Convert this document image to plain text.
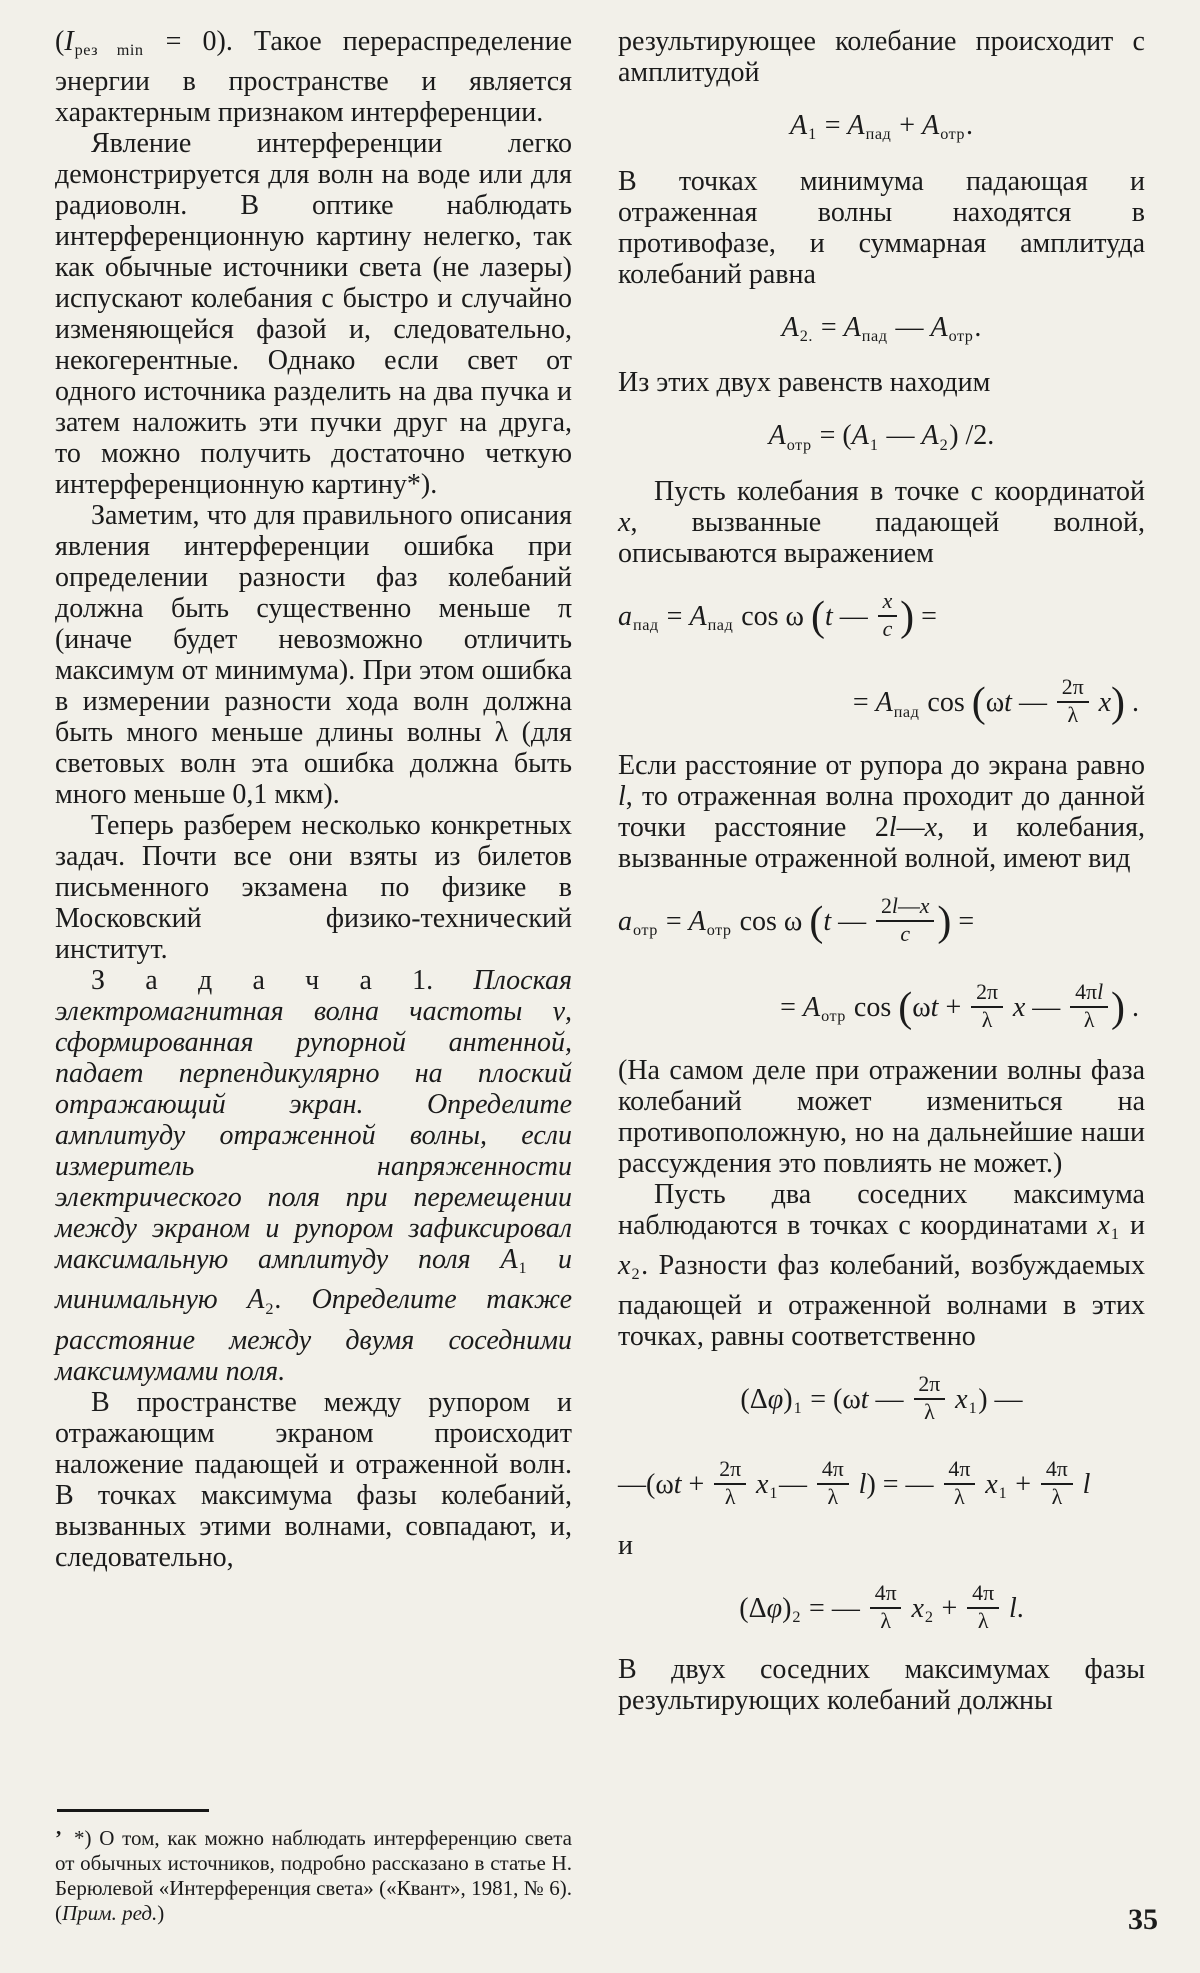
$(I_{рез min} = 0)$. Такое перераспределение энергии в пространстве и является характерным признаком интерференции.

Явление интерференции легко демонстрируется для волн на воде или для радиоволн. В оптике наблюдать интерференционную картину нелегко, так как обычные источники света (не лазеры) испускают колебания с быстро и случайно изменяющейся фазой и, следовательно, некогерентные. Однако если свет от одного источника разделить на два пучка и затем наложить эти пучки друг на друга, то можно получить достаточно четкую интерференционную картину*).

Заметим, что для правильного описания явления интерференции ошибка при определении разности фаз колебаний должна быть существенно меньше π (иначе будет невозможно отличить максимум от минимума). При этом ошибка в измерении разности хода волн должна быть много меньше длины волны λ (для световых волн эта ошибка должна быть много меньше 0,1 мкм).

Теперь разберем несколько конкретных задач. Почти все они взяты из билетов письменного экзамена по физике в Московский физико-технический институт.

З а д а ч а 1. Плоская электромагнитная волна частоты ν, сформированная рупорной антенной, падает перпендикулярно на плоский отражающий экран. Определите амплитуду отраженной волны, если измеритель напряженности электрического поля при перемещении между экраном и рупором зафиксировал максимальную амплитуду поля $A_1$ и минимальную $A_2$. Определите также расстояние между двумя соседними максимумами поля.

В пространстве между рупором и отражающим экраном происходит наложение падающей и отраженной волн. В точках максимума фазы колебаний, вызванных этими волнами, совпадают, и, следовательно,

’ *) О том, как можно наблюдать интерференцию света от обычных источников, подробно рассказано в статье Н. Берюлевой «Интерференция света» («Квант», 1981, № 6). (Прим. ред.)

результирующее колебание происходит с амплитудой

$A_1 = A_{пад} + A_{отр}$.

В точках минимума падающая и отраженная волны находятся в противофазе, и суммарная амплитуда колебаний равна

$A_{2.} = A_{пад}$ — $A_{отр}$.

Из этих двух равенств находим

$A_{отр} = (A_1$ — $A_2$) /2.

Пусть колебания в точке с координатой x, вызванные падающей волной, описываются выражением

$a_{пад} = A_{пад}$ cos ω (t — $\frac{x}{c}$ ) =
= $A_{пад}$ cos (ωt — $\frac{2\pi}{\lambda} x$) .

Если расстояние от рупора до экрана равно l, то отраженная волна проходит до данной точки расстояние 2l—x, и колебания, вызванные отраженной волной, имеют вид

$a_{отр} = A_{отр}$ cos ω (t — $\frac{2l—x}{c}$ ) =
= $A_{отр}$ $\cos (\omega t + \frac{2\pi}{\lambda}$ x — $\frac{4\pi l}{\lambda}$ ) .

(На самом деле при отражении волны фаза колебаний может измениться на противоположную, но на дальнейшие наши рассуждения это повлиять не может.)

Пусть два соседних максимума наблюдаются в точках с координатами $x_1$ и $x_2$. Разности фаз колебаний, возбуждаемых падающей и отраженной волнами в этих точках, равны соответственно

$(\Delta\varphi)_1 = (\omega t$ — $\frac{2\pi}{\lambda} x_1$) —
—(ωt + $\frac{2\pi}{\lambda}$ $x_1— \frac{4\pi}{\lambda} l$) = — $\frac{4\pi}{\lambda} x_1 + \frac{4\pi}{\lambda}$ l

и

$(\Delta\varphi)_2$ = — $\frac{4\pi}{\lambda} x_2 + \frac{4\pi}{\lambda} l$.

В двух соседних максимумах фазы результирующих колебаний должны

35
